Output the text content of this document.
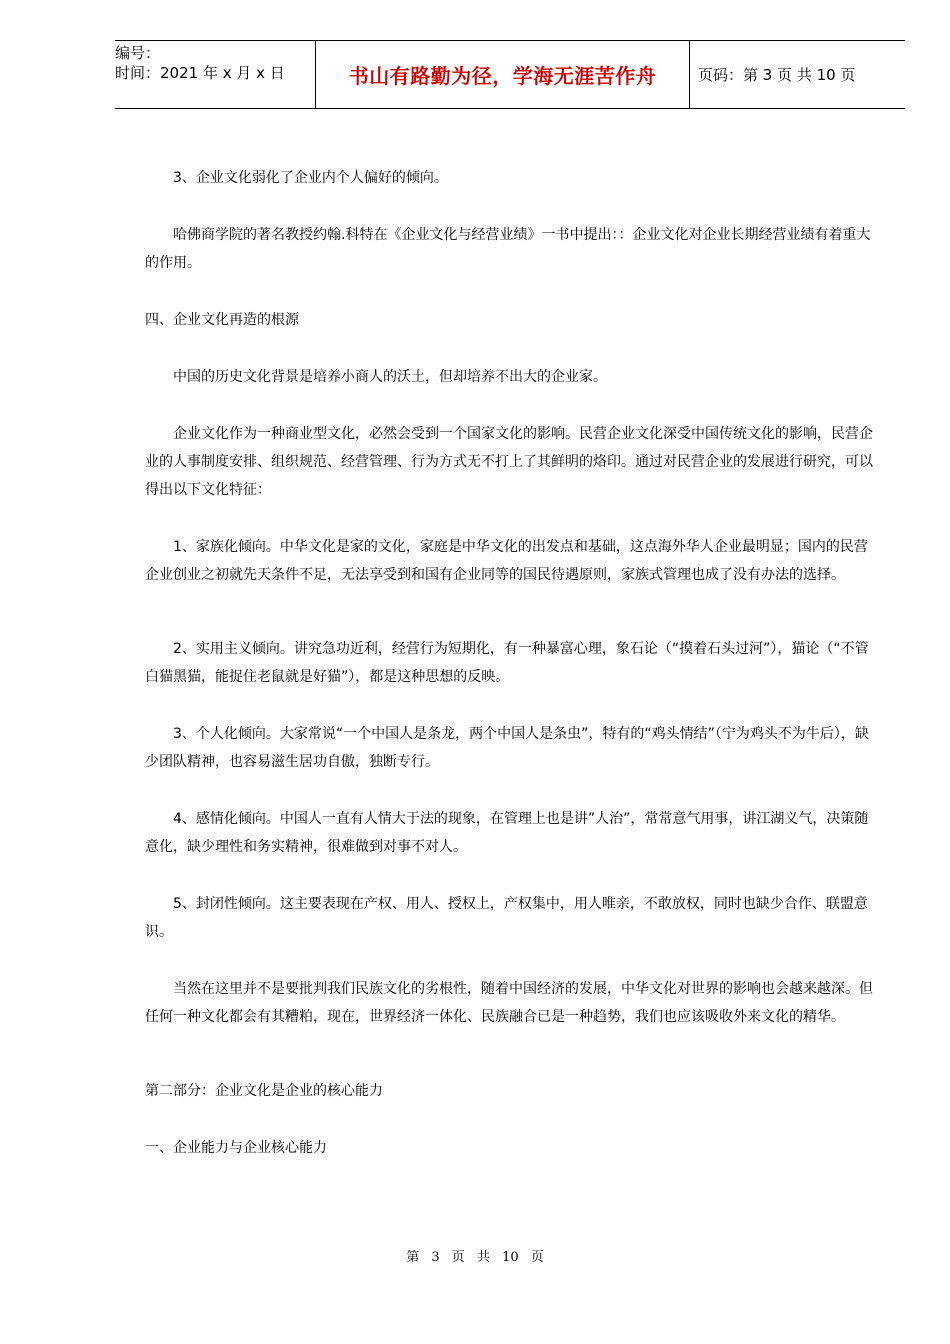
编号：
时间：2021 年 x 月 x 日	书山有路勤为径，学海无涯苦作舟	页码：第 3 页 共 10 页

3、企业文化弱化了企业内个人偏好的倾向。

哈佛商学院的著名教授约翰.科特在《企业文化与经营业绩》一书中提出：：企业文化对企业长期经营业绩有着重大的作用。

四、企业文化再造的根源

中国的历史文化背景是培养小商人的沃土，但却培养不出大的企业家。

企业文化作为一种商业型文化，必然会受到一个国家文化的影响。民营企业文化深受中国传统文化的影响，民营企业的人事制度安排、组织规范、经营管理、行为方式无不打上了其鲜明的烙印。通过对民营企业的发展进行研究，可以得出以下文化特征：

1、家族化倾向。中华文化是家的文化，家庭是中华文化的出发点和基础，这点海外华人企业最明显；国内的民营企业创业之初就先天条件不足，无法享受到和国有企业同等的国民待遇原则，家族式管理也成了没有办法的选择。

2、实用主义倾向。讲究急功近利，经营行为短期化，有一种暴富心理，象石论（“摸着石头过河”），猫论（“不管白猫黑猫，能捉住老鼠就是好猫”），都是这种思想的反映。

3、个人化倾向。大家常说“一个中国人是条龙，两个中国人是条虫”，特有的“鸡头情结”（宁为鸡头不为牛后），缺少团队精神，也容易滋生居功自傲，独断专行。

4、感情化倾向。中国人一直有人情大于法的现象，在管理上也是讲”人治”，常常意气用事，讲江湖义气，决策随意化，缺少理性和务实精神，很难做到对事不对人。

5、封闭性倾向。这主要表现在产权、用人、授权上，产权集中，用人唯亲，不敢放权，同时也缺少合作、联盟意识。

当然在这里并不是要批判我们民族文化的劣根性，随着中国经济的发展，中华文化对世界的影响也会越来越深。但任何一种文化都会有其糟粕，现在，世界经济一体化、民族融合已是一种趋势，我们也应该吸收外来文化的精华。

第二部分：企业文化是企业的核心能力

一、企业能力与企业核心能力

第 3 页 共 10 页
